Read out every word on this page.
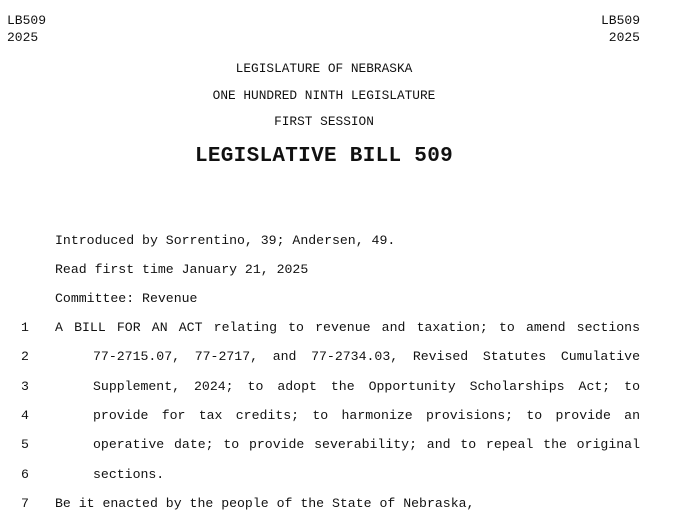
LB509
2025
LB509
2025
LEGISLATURE OF NEBRASKA
ONE HUNDRED NINTH LEGISLATURE
FIRST SESSION
LEGISLATIVE BILL 509
Introduced by Sorrentino, 39; Andersen, 49.
Read first time January 21, 2025
Committee: Revenue
1	A BILL FOR AN ACT relating to revenue and taxation; to amend sections
2	77-2715.07, 77-2717, and 77-2734.03, Revised Statutes Cumulative
3	Supplement, 2024; to adopt the Opportunity Scholarships Act; to
4	provide for tax credits; to harmonize provisions; to provide an
5	operative date; to provide severability; and to repeal the original
6	sections.
7	Be it enacted by the people of the State of Nebraska,
